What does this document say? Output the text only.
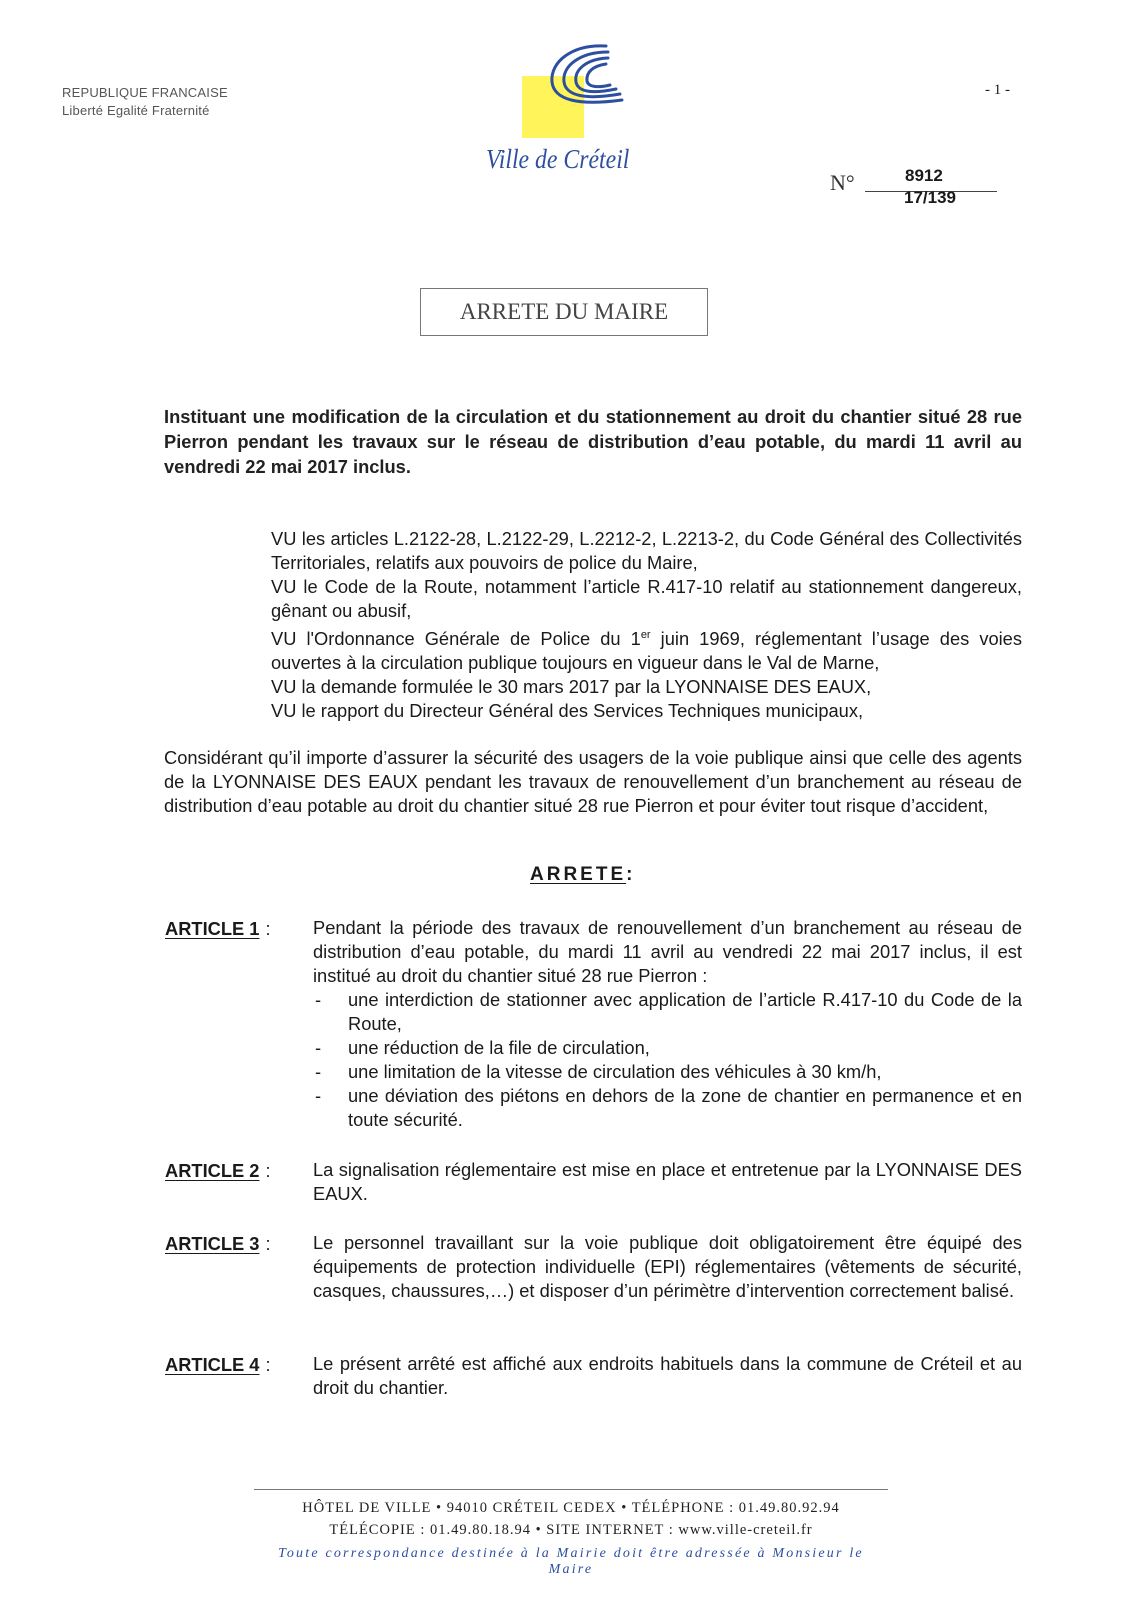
REPUBLIQUE FRANCAISE
Liberté Egalité Fraternité
- 1 -
Ville de Créteil
N°	8912
17/139
ARRETE DU MAIRE
Instituant une modification de la circulation et du stationnement au droit du chantier situé 28 rue Pierron pendant les travaux sur le réseau de distribution d’eau potable, du mardi 11 avril au vendredi 22 mai 2017 inclus.

VU les articles L.2122-28, L.2122-29, L.2212-2, L.2213-2, du Code Général des Collectivités Territoriales, relatifs aux pouvoirs de police du Maire,

VU le Code de la Route, notamment l’article R.417-10 relatif au stationnement dangereux, gênant ou abusif,

VU l'Ordonnance Générale de Police du 1er juin 1969, réglementant l’usage des voies ouvertes à la circulation publique toujours en vigueur dans le Val de Marne,

VU la demande formulée le 30 mars 2017 par la LYONNAISE DES EAUX,

VU le rapport du Directeur Général des Services Techniques municipaux,

Considérant qu’il importe d’assurer la sécurité des usagers de la voie publique ainsi que celle des agents de la LYONNAISE DES EAUX pendant les travaux de renouvellement d’un branchement au réseau de distribution d’eau potable au droit du chantier situé 28 rue Pierron et pour éviter tout risque d’accident,
ARRETE:
ARTICLE 1 : Pendant la période des travaux de renouvellement d’un branchement au réseau de distribution d’eau potable, du mardi 11 avril au vendredi 22 mai 2017 inclus, il est institué au droit du chantier situé 28 rue Pierron :

- une interdiction de stationner avec application de l’article R.417-10 du Code de la Route,
- une réduction de la file de circulation,
- une limitation de la vitesse de circulation des véhicules à 30 km/h,
- une déviation des piétons en dehors de la zone de chantier en permanence et en toute sécurité.
ARTICLE 2 : La signalisation réglementaire est mise en place et entretenue par la LYONNAISE DES EAUX.

ARTICLE 3 : Le personnel travaillant sur la voie publique doit obligatoirement être équipé des équipements de protection individuelle (EPI) réglementaires (vêtements de sécurité, casques, chaussures,…) et disposer d’un périmètre d’intervention correctement balisé.

ARTICLE 4 : Le présent arrêté est affiché aux endroits habituels dans la commune de Créteil et au droit du chantier.

HÔTEL DE VILLE • 94010 CRÉTEIL CEDEX • TÉLÉPHONE : 01.49.80.92.94
TÉLÉCOPIE : 01.49.80.18.94 • SITE INTERNET : www.ville-creteil.fr
Toute correspondance destinée à la Mairie doit être adressée à Monsieur le Maire
